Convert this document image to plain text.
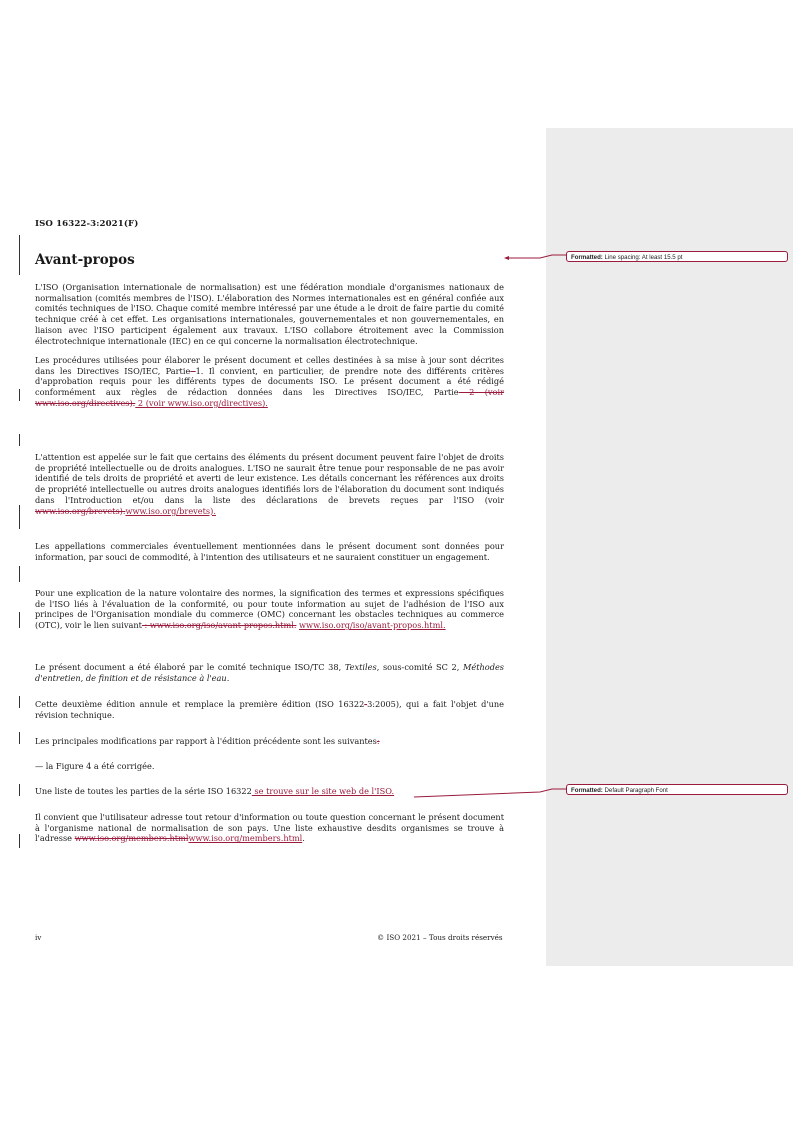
ISO 16322-3:2021(F)
Avant-propos

L'ISO (Organisation internationale de normalisation) est une fédération mondiale d'organismes nationaux de normalisation (comités membres de l'ISO). L'élaboration des Normes internationales est en général confiée aux comités techniques de l'ISO. Chaque comité membre intéressé par une étude a le droit de faire partie du comité technique créé à cet effet. Les organisations internationales, gouvernementales et non gouvernementales, en liaison avec l'ISO participent également aux travaux. L'ISO collabore étroitement avec la Commission électrotechnique internationale (IEC) en ce qui concerne la normalisation électrotechnique.

Les procédures utilisées pour élaborer le présent document et celles destinées à sa mise à jour sont décrites dans les Directives ISO/IEC, Partie 1. Il convient, en particulier, de prendre note des différents critères d'approbation requis pour les différents types de documents ISO. Le présent document a été rédigé conformément aux règles de rédaction données dans les Directives ISO/IEC, Partie 2 (voir www.iso.org/directives). 2 (voir www.iso.org/directives).

L'attention est appelée sur le fait que certains des éléments du présent document peuvent faire l'objet de droits de propriété intellectuelle ou de droits analogues. L'ISO ne saurait être tenue pour responsable de ne pas avoir identifié de tels droits de propriété et averti de leur existence. Les détails concernant les références aux droits de propriété intellectuelle ou autres droits analogues identifiés lors de l'élaboration du document sont indiqués dans l'Introduction et/ou dans la liste des déclarations de brevets reçues par l'ISO (voir www.iso.org/brevets).www.iso.org/brevets).

Les appellations commerciales éventuellement mentionnées dans le présent document sont données pour information, par souci de commodité, à l'intention des utilisateurs et ne sauraient constituer un engagement.

Pour une explication de la nature volontaire des normes, la signification des termes et expressions spécifiques de l'ISO liés à l'évaluation de la conformité, ou pour toute information au sujet de l'adhésion de l'ISO aux principes de l'Organisation mondiale du commerce (OMC) concernant les obstacles techniques au commerce (OTC), voir le lien suivant : www.iso.org/iso/avant-propos.html. www.iso.org/iso/avant-propos.html.

Le présent document a été élaboré par le comité technique ISO/TC 38, Textiles, sous-comité SC 2, Méthodes d'entretien, de finition et de résistance à l'eau.

Cette deuxième édition annule et remplace la première édition (ISO 16322-3:2005), qui a fait l'objet d'une révision technique.

Les principales modifications par rapport à l'édition précédente sont les suivantes:

— la Figure 4 a été corrigée.

Une liste de toutes les parties de la série ISO 16322 se trouve sur le site web de l'ISO.

Il convient que l'utilisateur adresse tout retour d'information ou toute question concernant le présent document à l'organisme national de normalisation de son pays. Une liste exhaustive desdits organismes se trouve à l'adresse www.iso.org/members.htmlwww.iso.org/members.html.

iv	© ISO 2021 – Tous droits réservés
Formatted: Line spacing: At least 15.5 pt
Formatted: Default Paragraph Font
